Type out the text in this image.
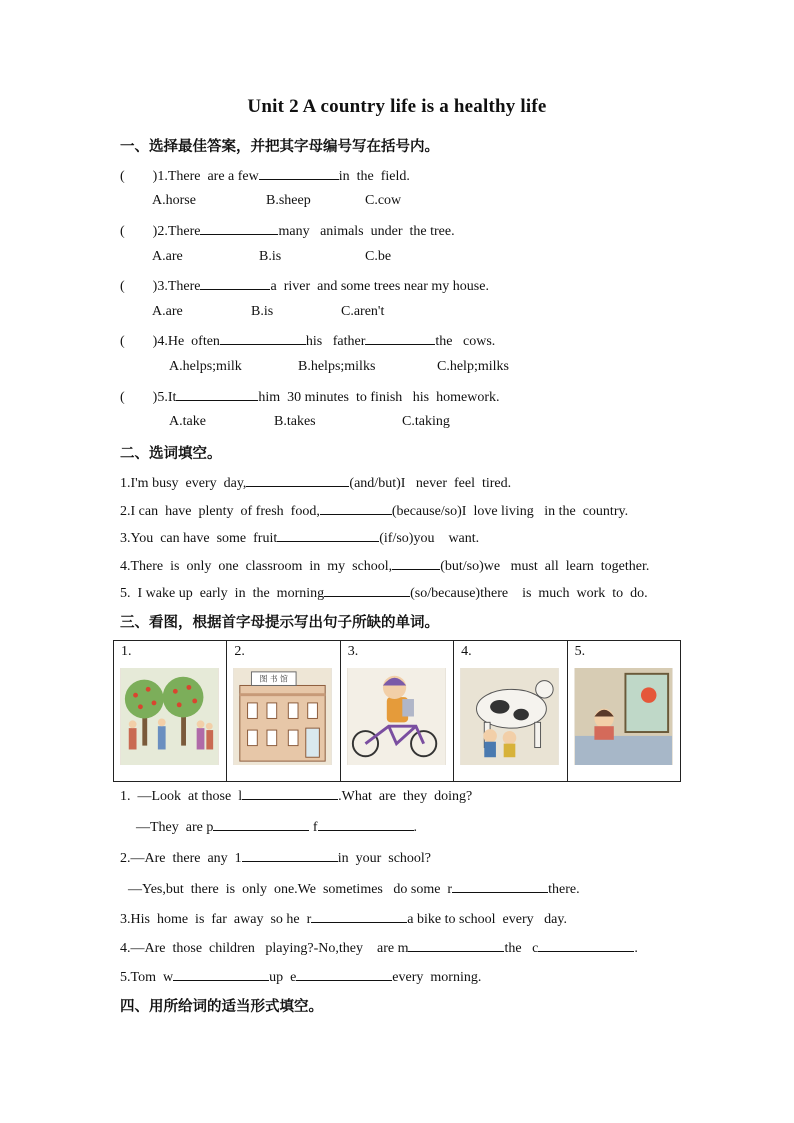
Unit 2 A country life is a healthy life
一、选择最佳答案，并把其字母编号写在括号内。
(        )1.There  are a few	in  the  field.
A.horse	B.sheep	C.cow
(        )2.There	many   animals  under  the tree.
A.are	B.is	C.be
(        )3.There	a  river  and some trees near my house.
A.are	B.is	C.aren't
(        )4.He  often	his   father	the   cows.
A.helps;milk	B.helps;milks	C.help;milks
(        )5.It	him  30 minutes  to finish   his  homework.
A.take	B.takes	C.taking
二、选词填空。
1.I'm busy  every  day,	(and/but)I   never  feel  tired.
2.I can  have  plenty  of fresh  food,	(because/so)I  love living   in the  country.
3.You  can have  some  fruit	(if/so)you    want.
4.There  is  only  one  classroom  in  my  school,	(but/so)we   must  all  learn  together.
5.  I wake up  early  in  the  morning	(so/because)there    is  much  work  to  do.
三、看图，根据首字母提示写出句子所缺的单词。
1.	2.
图 书 馆

3.	4.	5.
1.  —Look  at those  l	.What  are  they  doing?
—They  are p	f	.
2.—Are  there  any  1	in  your  school?
—Yes,but  there  is  only  one.We  sometimes   do some  r	there.
3.His  home  is  far  away  so he  r	a bike to school  every   day.
4.—Are  those  children   playing?-No,they    are m	the   c	.
5.Tom  w	up  e	every  morning.
四、用所给词的适当形式填空。
